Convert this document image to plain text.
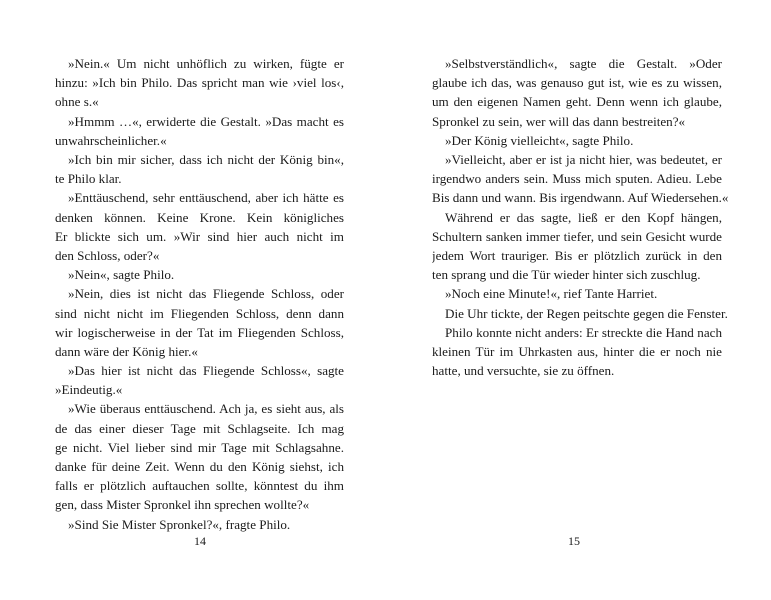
»Nein.« Um nicht unhöflich zu wirken, fügte er
hinzu: »Ich bin Philo. Das spricht man wie ›viel los‹,
ohne s.«
»Hmmm …«, erwiderte die Gestalt. »Das macht es
unwahrscheinlicher.«
»Ich bin mir sicher, dass ich nicht der König bin«,
te Philo klar.
»Enttäuschend, sehr enttäuschend, aber ich hätte es
denken können. Keine Krone. Kein königliches
Er blickte sich um. »Wir sind hier auch nicht im
den Schloss, oder?«
»Nein«, sagte Philo.
»Nein, dies ist nicht das Fliegende Schloss, oder
sind nicht nicht im Fliegenden Schloss, denn dann
wir logischerweise in der Tat im Fliegenden Schloss,
dann wäre der König hier.«
»Das hier ist nicht das Fliegende Schloss«, sagte
»Eindeutig.«
»Wie überaus enttäuschend. Ach ja, es sieht aus, als
de das einer dieser Tage mit Schlagseite. Ich mag
ge nicht. Viel lieber sind mir Tage mit Schlagsahne.
danke für deine Zeit. Wenn du den König siehst, ich
falls er plötzlich auftauchen sollte, könntest du ihm
gen, dass Mister Spronkel ihn sprechen wollte?«
»Sind Sie Mister Spronkel?«, fragte Philo.
14
»Selbstverständlich«, sagte die Gestalt. »Oder
glaube ich das, was genauso gut ist, wie es zu wissen,
um den eigenen Namen geht. Denn wenn ich glaube,
Spronkel zu sein, wer will das dann bestreiten?«
»Der König vielleicht«, sagte Philo.
»Vielleicht, aber er ist ja nicht hier, was bedeutet, er
irgendwo anders sein. Muss mich sputen. Adieu. Lebe
Bis dann und wann. Bis irgendwann. Auf Wiedersehen.«
Während er das sagte, ließ er den Kopf hängen,
Schultern sanken immer tiefer, und sein Gesicht wurde
jedem Wort trauriger. Bis er plötzlich zurück in den
ten sprang und die Tür wieder hinter sich zuschlug.
»Noch eine Minute!«, rief Tante Harriet.
Die Uhr tickte, der Regen peitschte gegen die Fenster.
Philo konnte nicht anders: Er streckte die Hand nach
kleinen Tür im Uhrkasten aus, hinter die er noch nie
hatte, und versuchte, sie zu öffnen.
15
